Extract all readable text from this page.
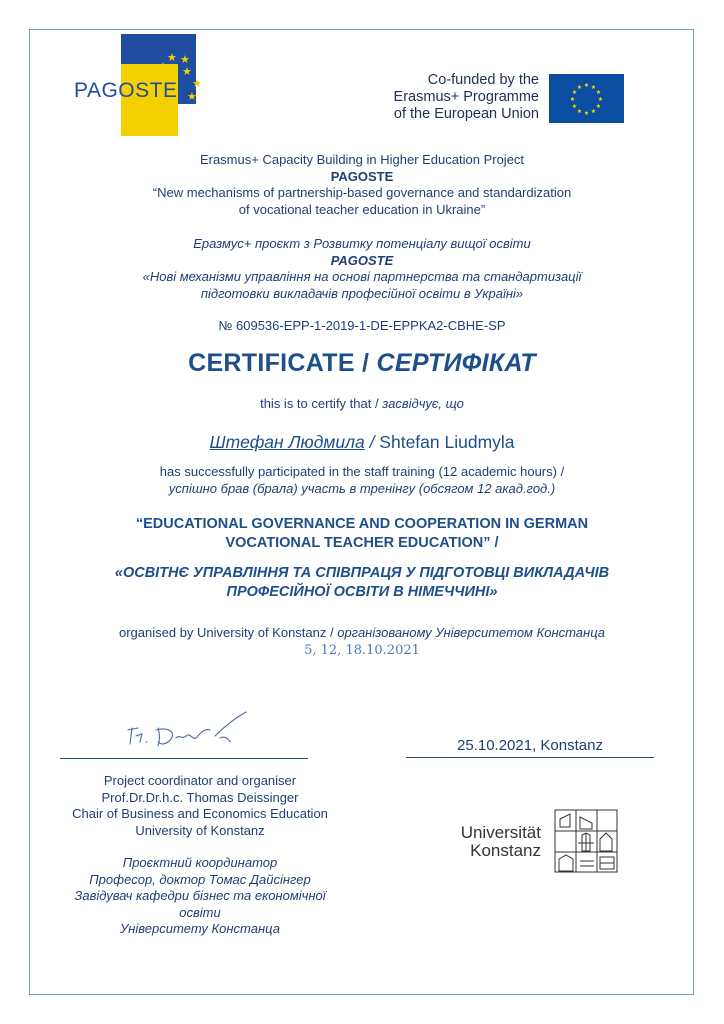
★ ★
★ ★
★
★
PAGOSTE	Co-funded by the
Erasmus+ Programme
of the European Union
★ ★
★
★
★
★
★
★
★
★
★
★
Erasmus+ Capacity Building in Higher Education Project
PAGOSTE
“New mechanisms of partnership-based governance and standardization
of vocational teacher education in Ukraine”
Еразмус+ проєкт з Розвитку потенціалу вищої освіти
PAGOSTE
«Нові механізми управління на основі партнерства та стандартизації
підготовки викладачів професійної освіти в Україні»
№ 609536-EPP-1-2019-1-DE-EPPKA2-CBHE-SP
CERTIFICATE / СЕРТИФІКАТ
this is to certify that / засвідчує, що
Штефан Людмила / Shtefan Liudmyla
has successfully participated in the staff training (12 academic hours) /
успішно брав (брала) участь в тренінгу (обсягом 12 акад.год.)
“EDUCATIONAL GOVERNANCE AND COOPERATION IN GERMAN
VOCATIONAL TEACHER EDUCATION” /
«ОСВІТНЄ УПРАВЛІННЯ ТА СПІВПРАЦЯ У ПІДГОТОВЦІ ВИКЛАДАЧІВ
ПРОФЕСІЙНОЇ ОСВІТИ В НІМЕЧЧИНІ»
organised by University of Konstanz / організованому Університетом Констанца
5, 12, 18.10.2021
25.10.2021, Konstanz
Project coordinator and organiser
Prof.Dr.Dr.h.c. Thomas Deissinger
Chair of Business and Economics Education
University of Konstanz
Проєктний координатор
Професор, доктор Томас Дайсінгер
Завідувач кафедри бізнес та економічної
освіти
Університету Констанца
Universität
Konstanz
